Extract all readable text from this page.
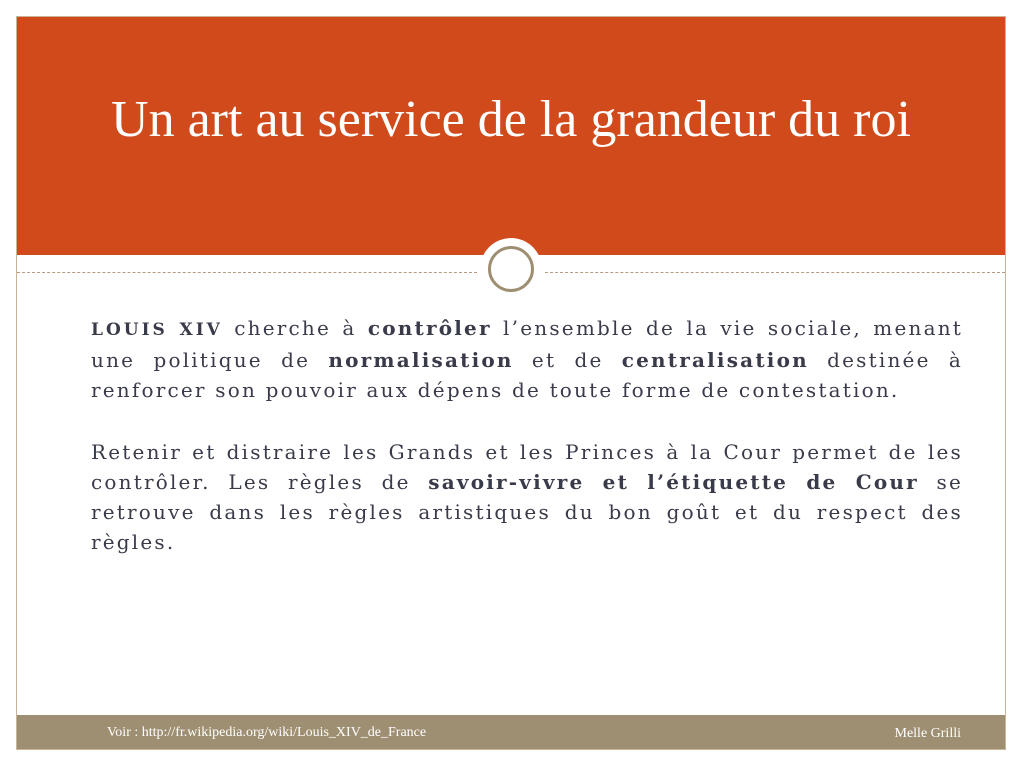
Un art au service de la grandeur du roi

LOUIS XIV cherche à contrôler l’ensemble de la vie sociale, menant une politique de normalisation et de centralisation destinée à renforcer son pouvoir aux dépens de toute forme de contestation.

Retenir et distraire les Grands et les Princes à la Cour permet de les contrôler. Les règles de savoir-vivre et l’étiquette de Cour se retrouve dans les règles artistiques du bon goût et du respect des règles.

Voir : http://fr.wikipedia.org/wiki/Louis_XIV_de_France	Melle Grilli
